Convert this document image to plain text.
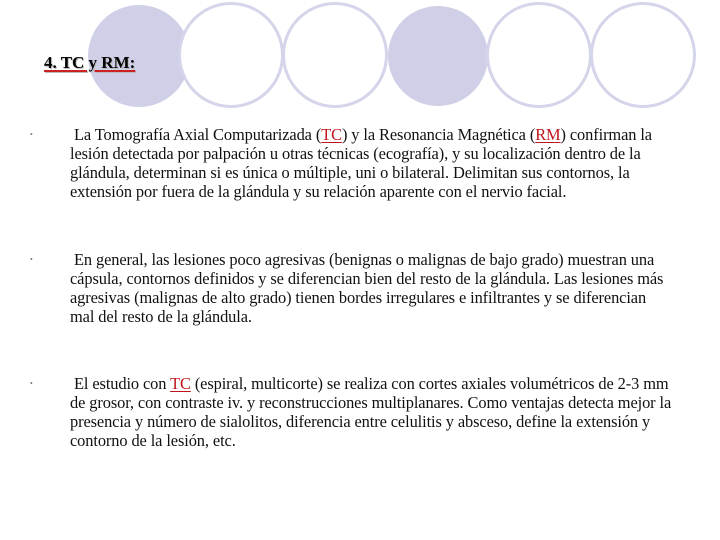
4. TC y RM:
•	La Tomografía Axial Computarizada (TC) y la Resonancia Magnética (RM) confirman la lesión detectada por palpación u otras técnicas (ecografía), y su localización dentro de la glándula, determinan si es única o múltiple, uni o bilateral. Delimitan sus contornos, la extensión por fuera de la glándula y su relación aparente con el nervio facial.

•	En general, las lesiones poco agresivas (benignas o malignas de bajo grado) muestran una cápsula, contornos definidos y se diferencian bien del resto de la glándula. Las lesiones más agresivas (malignas de alto grado) tienen bordes irregulares e infiltrantes y se diferencian mal del resto de la glándula.

•	El estudio con TC (espiral, multicorte) se realiza con cortes axiales volumétricos de 2-3 mm de grosor, con contraste iv. y reconstrucciones multiplanares. Como ventajas detecta mejor la presencia y número de sialolitos, diferencia entre celulitis y absceso, define la extensión y contorno de la lesión, etc.
